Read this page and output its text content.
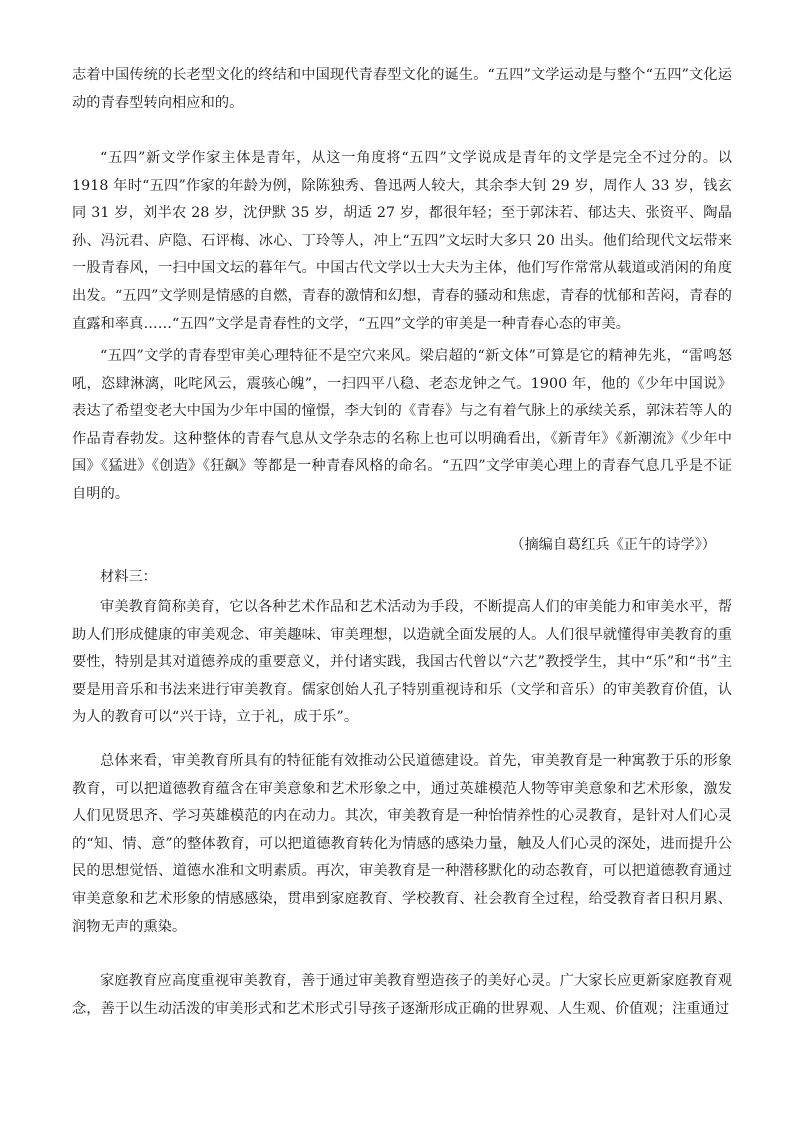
志着中国传统的长老型文化的终结和中国现代青春型文化的诞生。“五四”文学运动是与整个“五四”文化运动的青春型转向相应和的。

“五四”新文学作家主体是青年，从这一角度将“五四”文学说成是青年的文学是完全不过分的。以 1918 年时“五四”作家的年龄为例，除陈独秀、鲁迅两人较大，其余李大钊 29 岁，周作人 33 岁，钱玄同 31 岁，刘半农 28 岁，沈伊默 35 岁，胡适 27 岁，都很年轻；至于郭沫若、郁达夫、张资平、陶晶孙、冯沅君、庐隐、石评梅、冰心、丁玲等人，冲上“五四”文坛时大多只 20 出头。他们给现代文坛带来一股青春风，一扫中国文坛的暮年气。中国古代文学以士大夫为主体，他们写作常常从载道或消闲的角度出发。“五四”文学则是情感的自燃，青春的激情和幻想，青春的骚动和焦虑，青春的忧郁和苦闷，青春的直露和率真……“五四”文学是青春性的文学，“五四”文学的审美是一种青春心态的审美。

“五四”文学的青春型审美心理特征不是空穴来风。梁启超的“新文体”可算是它的精神先兆，“雷鸣怒吼，恣肆淋漓，叱咤风云，震骇心魄”，一扫四平八稳、老态龙钟之气。1900 年，他的《少年中国说》表达了希望变老大中国为少年中国的憧憬，李大钊的《青春》与之有着气脉上的承续关系，郭沫若等人的作品青春勃发。这种整体的青春气息从文学杂志的名称上也可以明确看出，《新青年》《新潮流》《少年中国》《猛进》《创造》《狂飙》等都是一种青春风格的命名。“五四”文学审美心理上的青春气息几乎是不证自明的。

（摘编自葛红兵《正午的诗学》）

材料三：

审美教育简称美育，它以各种艺术作品和艺术活动为手段，不断提高人们的审美能力和审美水平，帮助人们形成健康的审美观念、审美趣味、审美理想，以造就全面发展的人。人们很早就懂得审美教育的重要性，特别是其对道德养成的重要意义，并付诸实践，我国古代曾以“六艺”教授学生，其中“乐”和“书”主要是用音乐和书法来进行审美教育。儒家创始人孔子特别重视诗和乐（文学和音乐）的审美教育价值，认为人的教育可以“兴于诗，立于礼，成于乐”。

总体来看，审美教育所具有的特征能有效推动公民道德建设。首先，审美教育是一种寓教于乐的形象教育，可以把道德教育蕴含在审美意象和艺术形象之中，通过英雄模范人物等审美意象和艺术形象，激发人们见贤思齐、学习英雄模范的内在动力。其次，审美教育是一种怡情养性的心灵教育，是针对人们心灵的“知、情、意”的整体教育，可以把道德教育转化为情感的感染力量，触及人们心灵的深处，进而提升公民的思想觉悟、道德水准和文明素质。再次，审美教育是一种潜移默化的动态教育，可以把道德教育通过审美意象和艺术形象的情感感染，贯串到家庭教育、学校教育、社会教育全过程，给受教育者日积月累、润物无声的熏染。

家庭教育应高度重视审美教育，善于通过审美教育塑造孩子的美好心灵。广大家长应更新家庭教育观念，善于以生动活泼的审美形式和艺术形式引导孩子逐渐形成正确的世界观、人生观、价值观；注重通过
